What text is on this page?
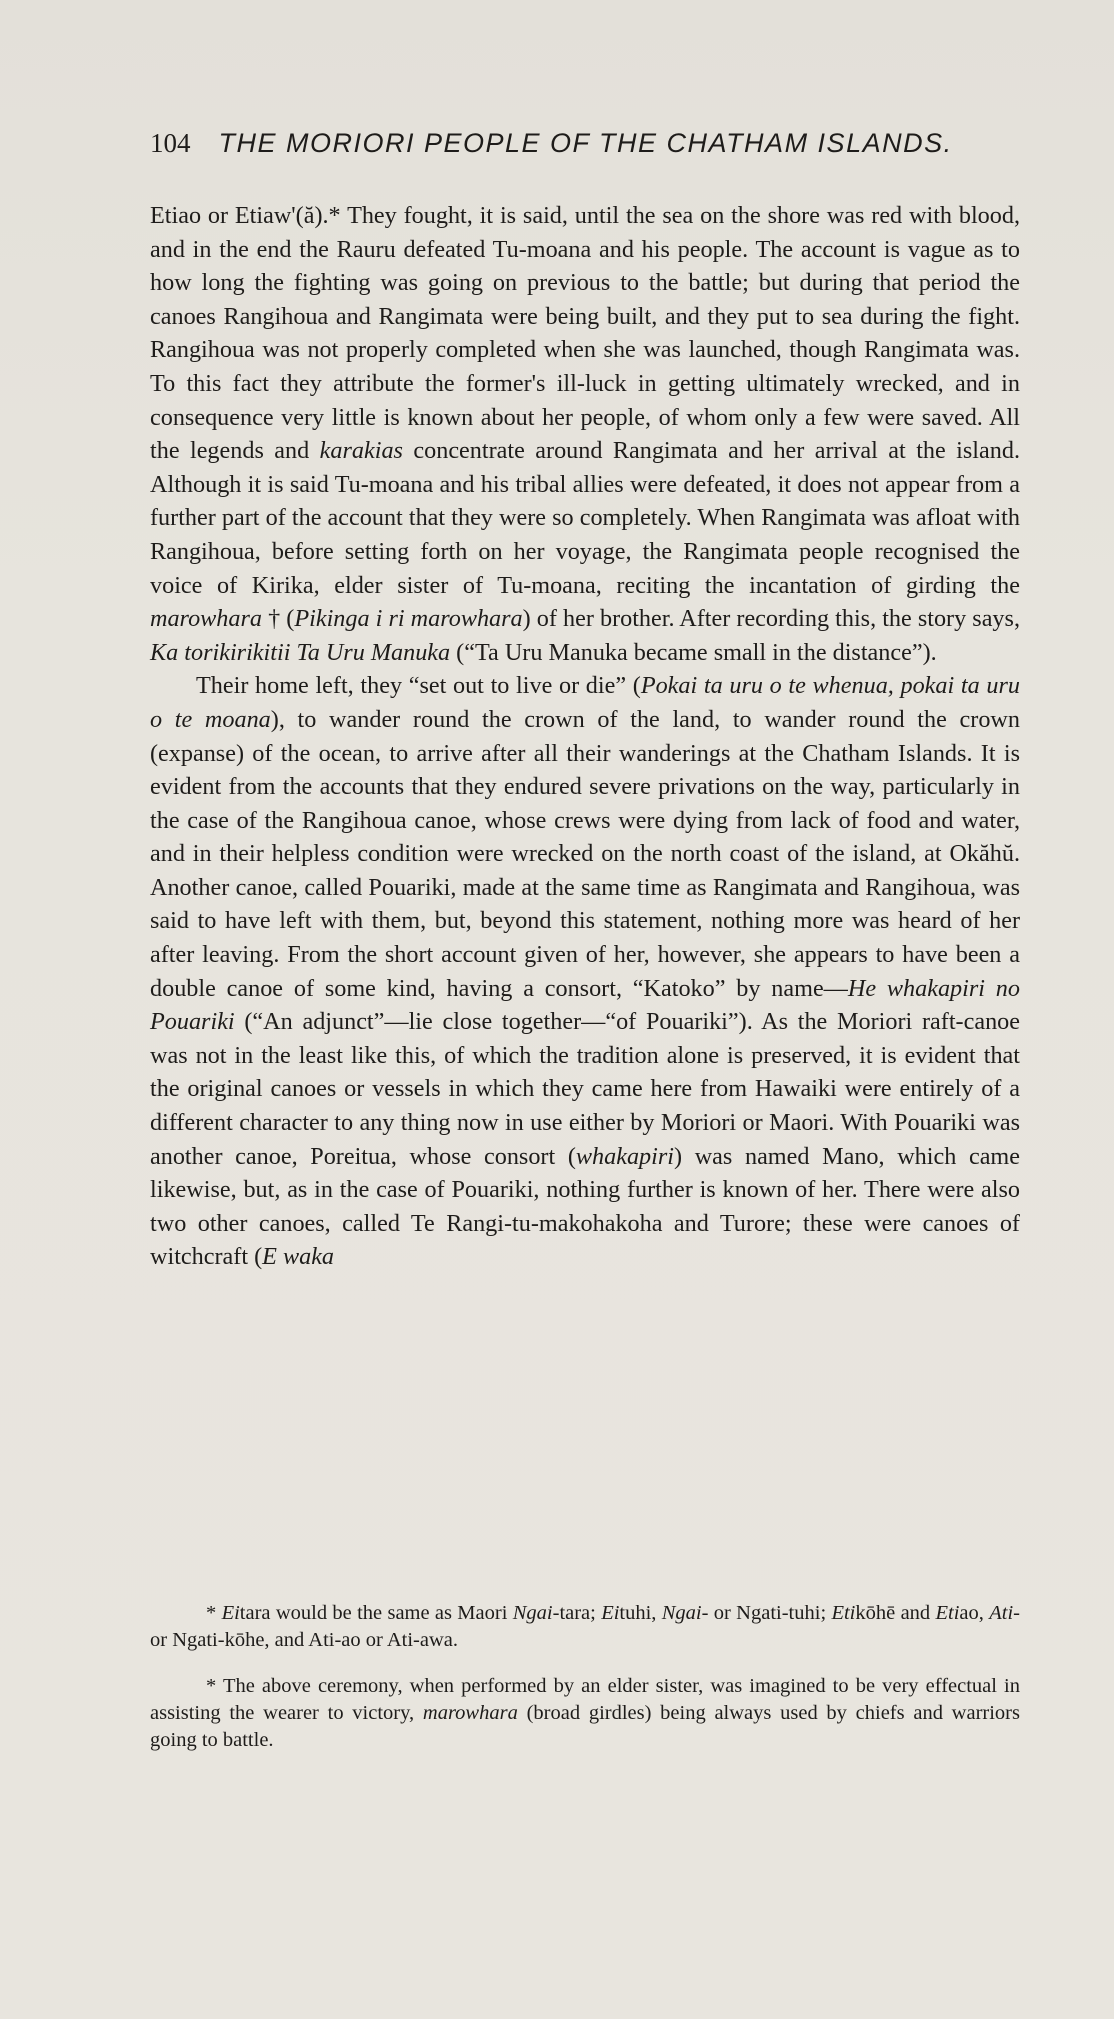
104 THE MORIORI PEOPLE OF THE CHATHAM ISLANDS.

Etiao or Etiaw'(ă).* They fought, it is said, until the sea on the shore was red with blood, and in the end the Rauru defeated Tu-moana and his people. The account is vague as to how long the fighting was going on previous to the battle; but during that period the canoes Rangihoua and Rangimata were being built, and they put to sea during the fight. Rangihoua was not properly completed when she was launched, though Rangimata was. To this fact they attribute the former's ill-luck in getting ultimately wrecked, and in consequence very little is known about her people, of whom only a few were saved. All the legends and karakias concentrate around Rangimata and her arrival at the island. Although it is said Tu-moana and his tribal allies were defeated, it does not appear from a further part of the account that they were so completely. When Rangimata was afloat with Rangihoua, before setting forth on her voyage, the Rangimata people recognised the voice of Kirika, elder sister of Tu-moana, reciting the incantation of girding the marowhara † (Pikinga i ri marowhara) of her brother. After recording this, the story says, Ka torikirikitii Ta Uru Manuka (“Ta Uru Manuka became small in the distance”).

Their home left, they “set out to live or die” (Pokai ta uru o te whenua, pokai ta uru o te moana), to wander round the crown of the land, to wander round the crown (expanse) of the ocean, to arrive after all their wanderings at the Chatham Islands. It is evident from the accounts that they endured severe privations on the way, particularly in the case of the Rangihoua canoe, whose crews were dying from lack of food and water, and in their helpless condition were wrecked on the north coast of the island, at Okăhŭ. Another canoe, called Pouariki, made at the same time as Rangimata and Rangihoua, was said to have left with them, but, beyond this statement, nothing more was heard of her after leaving. From the short account given of her, however, she appears to have been a double canoe of some kind, having a consort, “Katoko” by name—He whakapiri no Pouariki (“An adjunct”—lie close together—“of Pouariki”). As the Moriori raft-canoe was not in the least like this, of which the tradition alone is preserved, it is evident that the original canoes or vessels in which they came here from Hawaiki were entirely of a different character to any thing now in use either by Moriori or Maori. With Pouariki was another canoe, Poreitua, whose consort (whakapiri) was named Mano, which came likewise, but, as in the case of Pouariki, nothing further is known of her. There were also two other canoes, called Te Rangi-tu-makohakoha and Turore; these were canoes of witchcraft (E waka

* Eitara would be the same as Maori Ngai-tara; Eituhi, Ngai- or Ngati-tuhi; Etikōhē and Etiao, Ati- or Ngati-kōhe, and Ati-ao or Ati-awa.

* The above ceremony, when performed by an elder sister, was imagined to be very effectual in assisting the wearer to victory, marowhara (broad girdles) being always used by chiefs and warriors going to battle.
